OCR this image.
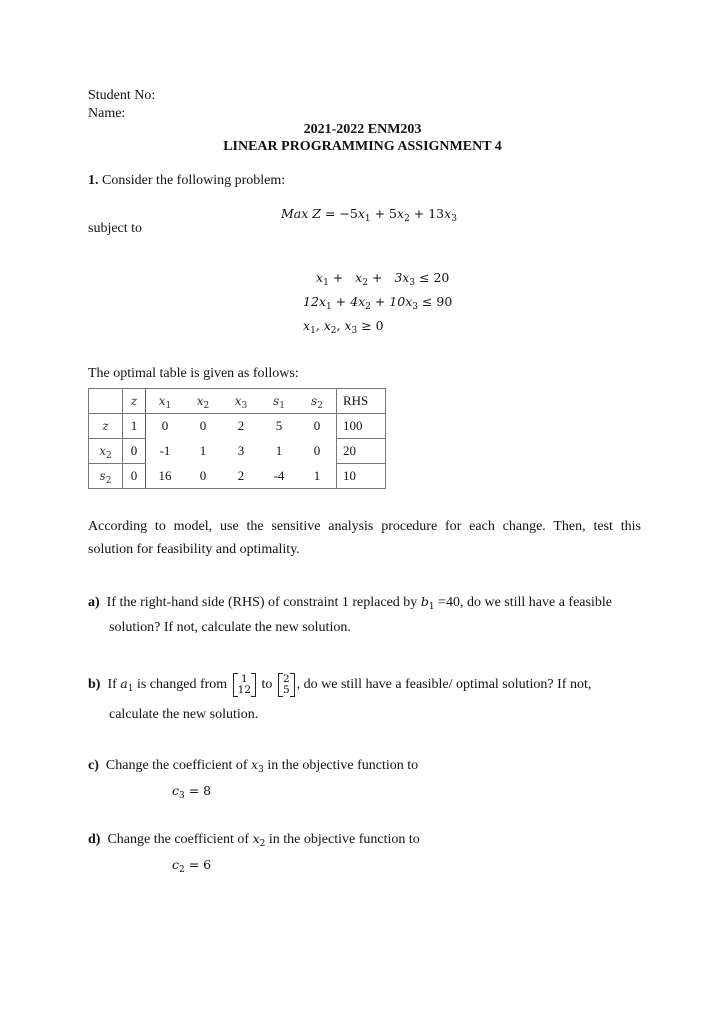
Student No:
Name:
2021-2022 ENM203
LINEAR PROGRAMMING ASSIGNMENT 4
1. Consider the following problem:
Max $Z = -5x_1 + 5x_2 + 13x_3$
subject to
$x_1 + x_2 + 3x_3 \le 20$
$12x_1 + 4x_2 + 10x_3 \le 90$
$x_1$, $x_2$, $x_3 \ge 0$
The optimal table is given as follows:
	z	$x_1$	$x_2$	$x_3$	$s_1$	$s_2$	RHS
z	1	0	0	2	5	0	100
$x_2$	0	-1	1	3	1	0	20
$s_2$	0	16	0	2	-4	1	10
According to model, use the sensitive analysis procedure for each change. Then, test this
solution for feasibility and optimality.
a) If the right-hand side (RHS) of constraint 1 replaced by $b_1 =40$, do we still have a feasible
solution? If not, calculate the new solution.
b) If $a_1$ is changed from 1
12 to 2
5 , do we still have a feasible/ optimal solution? If not,
calculate the new solution.
c) Change the coefficient of $x_3$ in the objective function to
$c_3 = 8$
d) Change the coefficient of $x_2$ in the objective function to
$c_2 = 6$
